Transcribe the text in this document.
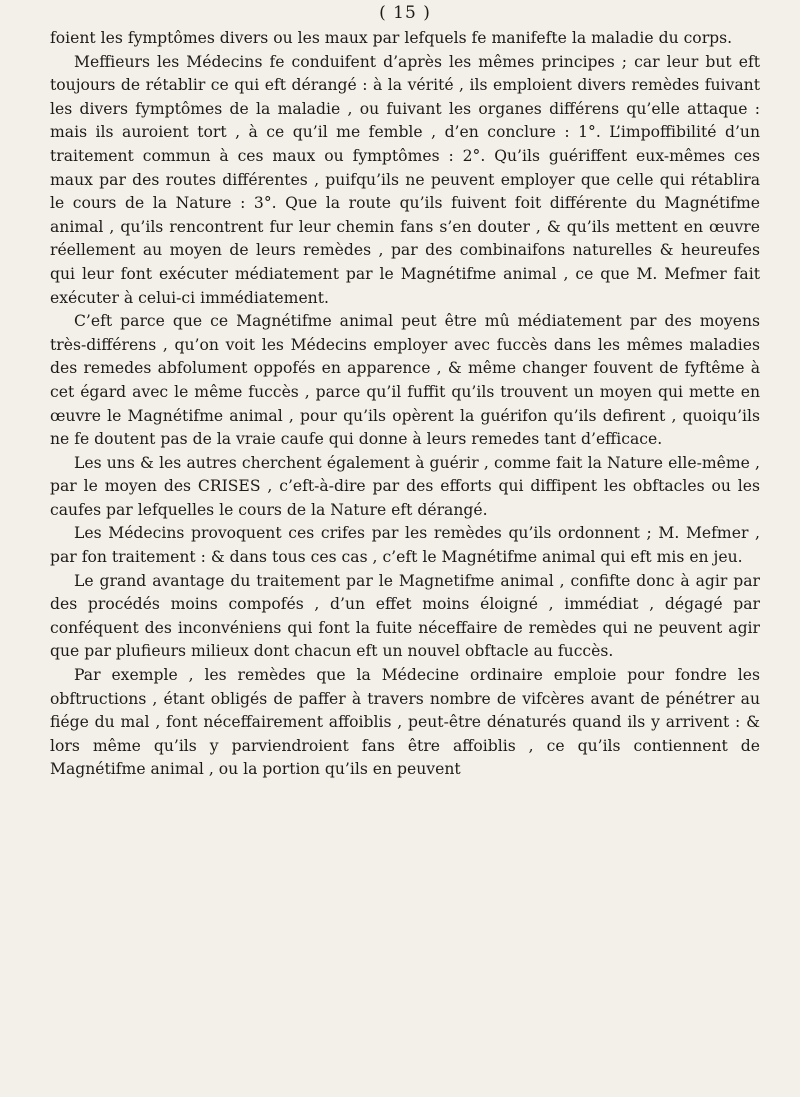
( 15 )

foient les fymptômes divers ou les maux par lefquels fe manifefte la maladie du corps.

Meffieurs les Médecins fe conduifent d’après les mêmes principes ; car leur but eft toujours de rétablir ce qui eft dérangé : à la vérité , ils emploient divers remèdes fuivant les divers fymptômes de la maladie , ou fuivant les organes différens qu’elle attaque : mais ils auroient tort , à ce qu’il me femble , d’en conclure : 1°. L’impoffibilité d’un traitement commun à ces maux ou fymptômes : 2°. Qu’ils guériffent eux-mêmes ces maux par des routes différentes , puifqu’ils ne peuvent employer que celle qui rétablira le cours de la Nature : 3°. Que la route qu’ils fuivent foit différente du Magnétifme animal , qu’ils rencontrent fur leur chemin fans s’en douter , & qu’ils mettent en œuvre réellement au moyen de leurs remèdes , par des combinaifons naturelles & heureufes qui leur font exécuter médiatement par le Magnétifme animal , ce que M. Mefmer fait exécuter à celui-ci immédiatement.

C’eft parce que ce Magnétifme animal peut être mû médiatement par des moyens très-différens , qu’on voit les Médecins employer avec fuccès dans les mêmes maladies des remedes abfolument oppofés en apparence , & même changer fouvent de fyftême à cet égard avec le même fuccès , parce qu’il fuffit qu’ils trouvent un moyen qui mette en œuvre le Magnétifme animal , pour qu’ils opèrent la guérifon qu’ils defirent , quoiqu’ils ne fe doutent pas de la vraie caufe qui donne à leurs remedes tant d’efficace.

Les uns & les autres cherchent également à guérir , comme fait la Nature elle-même , par le moyen des CRISES , c’eft-à-dire par des efforts qui diffipent les obftacles ou les caufes par lefquelles le cours de la Nature eft dérangé.

Les Médecins provoquent ces crifes par les remèdes qu’ils ordonnent ; M. Mefmer , par fon traitement : & dans tous ces cas , c’eft le Magnétifme animal qui eft mis en jeu.

Le grand avantage du traitement par le Magnetifme animal , confifte donc à agir par des procédés moins compofés , d’un effet moins éloigné , immédiat , dégagé par conféquent des inconvéniens qui font la fuite néceffaire de remèdes qui ne peuvent agir que par plufieurs milieux dont chacun eft un nouvel obftacle au fuccès.

Par exemple , les remèdes que la Médecine ordinaire emploie pour fondre les obftructions , étant obligés de paffer à travers nombre de vifcères avant de pénétrer au fiége du mal , font néceffairement affoiblis , peut-être dénaturés quand ils y arrivent : & lors même qu’ils y parviendroient fans être affoiblis , ce qu’ils contiennent de Magnétifme animal , ou la portion qu’ils en peuvent
